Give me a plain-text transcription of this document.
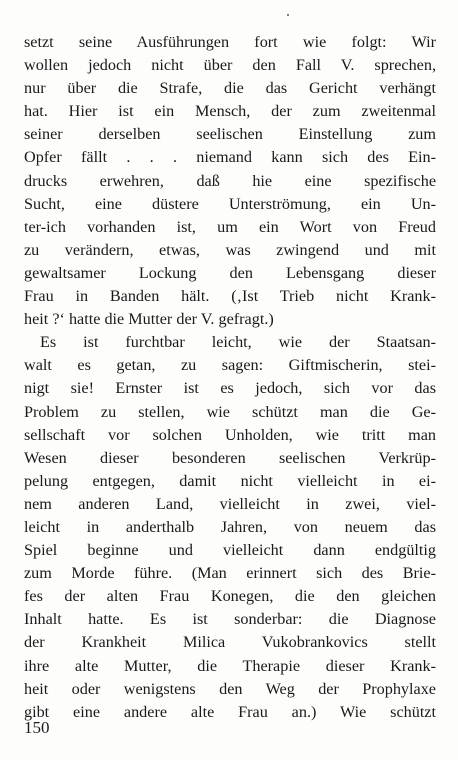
setzt seine Ausführungen fort wie folgt: Wir
wollen jedoch nicht über den Fall V. sprechen,
nur über die Strafe, die das Gericht verhängt
hat. Hier ist ein Mensch, der zum zweitenmal
seiner derselben seelischen Einstellung zum
Opfer fällt . . . niemand kann sich des Ein-
drucks erwehren, daß hie eine spezifische
Sucht, eine düstere Unterströmung, ein Un-
ter-ich vorhanden ist, um ein Wort von Freud
zu verändern, etwas, was zwingend und mit
gewaltsamer Lockung den Lebensgang dieser
Frau in Banden hält. (‚Ist Trieb nicht Krank-
heit ?‘ hatte die Mutter der V. gefragt.)
Es ist furchtbar leicht, wie der Staatsan-
walt es getan, zu sagen: Giftmischerin, stei-
nigt sie! Ernster ist es jedoch, sich vor das
Problem zu stellen, wie schützt man die Ge-
sellschaft vor solchen Unholden, wie tritt man
Wesen dieser besonderen seelischen Verkrüp-
pelung entgegen, damit nicht vielleicht in ei-
nem anderen Land, vielleicht in zwei, viel-
leicht in anderthalb Jahren, von neuem das
Spiel beginne und vielleicht dann endgültig
zum Morde führe. (Man erinnert sich des Brie-
fes der alten Frau Konegen, die den gleichen
Inhalt hatte. Es ist sonderbar: die Diagnose
der Krankheit Milica Vukobrankovics stellt
ihre alte Mutter, die Therapie dieser Krank-
heit oder wenigstens den Weg der Prophylaxe
gibt eine andere alte Frau an.) Wie schützt
150
